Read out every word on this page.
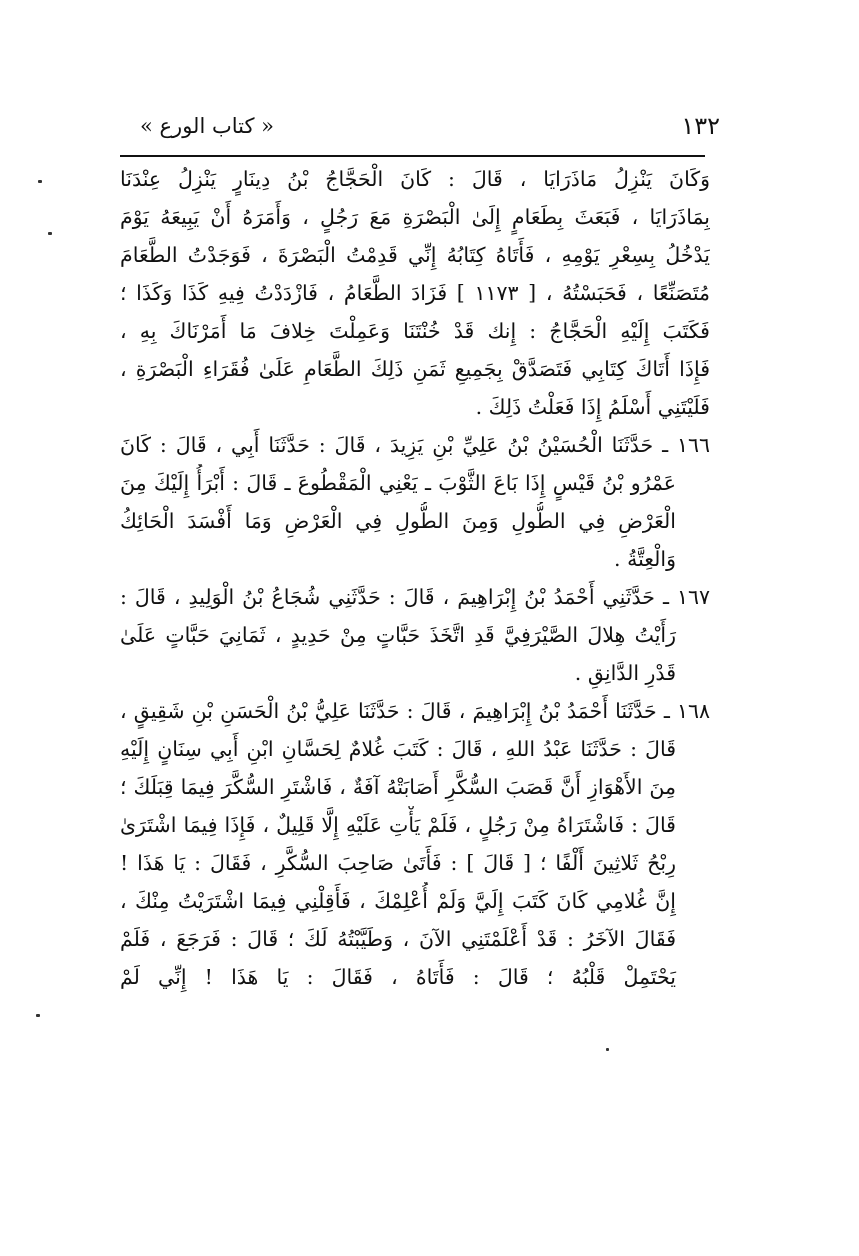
١٣٢
« كتاب الورع »
وَكَانَ يَنْزِلُ مَاذَرَايَا ، قَالَ : كَانَ الْحَجَّاجُ بْنُ دِينَارٍ يَنْزِلُ عِنْدَنَا
بِمَاذَرَايَا ، فَبَعَثَ بِطَعَامٍ إِلَىٰ الْبَصْرَةِ مَعَ رَجُلٍ ، وَأَمَرَهُ أَنْ يَبِيعَهُ يَوْمَ
يَدْخُلُ بِسِعْرِ يَوْمِهِ ، فَأَتَاهُ كِتَابُهُ إِنِّي قَدِمْتُ الْبَصْرَةَ ، فَوَجَدْتُ الطَّعَامَ
مُتَصَنِّعًا ، فَحَبَسْتُهُ ، [ ١١٧٣ ] فَزَادَ الطَّعَامُ ، فَازْدَدْتُ فِيهِ كَذَا وَكَذَا ؛
فَكَتَبَ إِلَيْهِ الْحَجَّاجُ : إِنك قَدْ خُنْتَنَا وَعَمِلْتَ خِلافَ مَا أَمَرْنَاكَ بِهِ ،
فَإِذَا أَتَاكَ كِتَابِي فَتَصَدَّقْ بِجَمِيعِ ثَمَنِ ذَلِكَ الطَّعَامِ عَلَىٰ فُقَرَاءِ الْبَصْرَةِ ،
فَلَيْتَنِي أَسْلَمُ إِذَا فَعَلْتُ ذَلِكَ .
١٦٦ ـ حَدَّثَنَا الْحُسَيْنُ بْنُ عَلِيِّ بْنِ يَزِيدَ ، قَالَ : حَدَّثَنَا أَبِي ، قَالَ : كَانَ
عَمْرُو بْنُ قَيْسٍ إِذَا بَاعَ الثَّوْبَ ـ يَعْنِي الْمَقْطُوعَ ـ قَالَ : أَبْرَأُ إِلَيْكَ مِنَ
الْعَرْضِ فِي الطُّولِ وَمِنَ الطُّولِ فِي الْعَرْضِ وَمَا أَفْسَدَ الْحَائِكُ
وَالْعِتَّةُ .
١٦٧ ـ حَدَّثَنِي أَحْمَدُ بْنُ إِبْرَاهِيمَ ، قَالَ : حَدَّثَنِي شُجَاعُ بْنُ الْوَلِيدِ ، قَالَ :
رَأَيْتُ هِلالَ الصَّيْرَفِيَّ قَدِ اتَّخَذَ حَبَّاتٍ مِنْ حَدِيدٍ ، ثَمَانِيَ حَبَّاتٍ عَلَىٰ
قَدْرِ الدَّانِقِ .
١٦٨ ـ حَدَّثَنَا أَحْمَدُ بْنُ إِبْرَاهِيمَ ، قَالَ : حَدَّثَنَا عَلِيُّ بْنُ الْحَسَنِ بْنِ شَقِيقٍ ،
قَالَ : حَدَّثَنَا عَبْدُ اللهِ ، قَالَ : كَتَبَ غُلامٌ لِحَسَّانِ ابْنِ أَبِي سِنَانٍ إِلَيْهِ
مِنَ الأَهْوَازِ أَنَّ قَصَبَ السُّكَّرِ أَصَابَتْهُ آفَةٌ ، فَاشْتَرِ السُّكَّرَ فِيمَا قِبَلَكَ ؛
قَالَ : فَاشْتَرَاهُ مِنْ رَجُلٍ ، فَلَمْ يَأْتِ عَلَيْهِ إِلَّا قَلِيلٌ ، فَإِذَا فِيمَا اشْتَرَىٰ
رِبْحُ ثَلاثِينَ أَلْفًا ؛ [ قَالَ ] : فَأَتَىٰ صَاحِبَ السُّكَّرِ ، فَقَالَ : يَا هَذَا !
إِنَّ غُلامِي كَانَ كَتَبَ إِلَيَّ وَلَمْ أُعْلِمْكَ ، فَأَقِلْنِي فِيمَا اشْتَرَيْتُ مِنْكَ ،
فَقَالَ الآخَرُ : قَدْ أَعْلَمْتَنِي الآنَ ، وَطَيَّبْتُهُ لَكَ ؛ قَالَ : فَرَجَعَ ، فَلَمْ
يَحْتَمِلْ قَلْبُهُ ؛ قَالَ : فَأَتَاهُ ، فَقَالَ : يَا هَذَا ! إِنِّي لَمْ
